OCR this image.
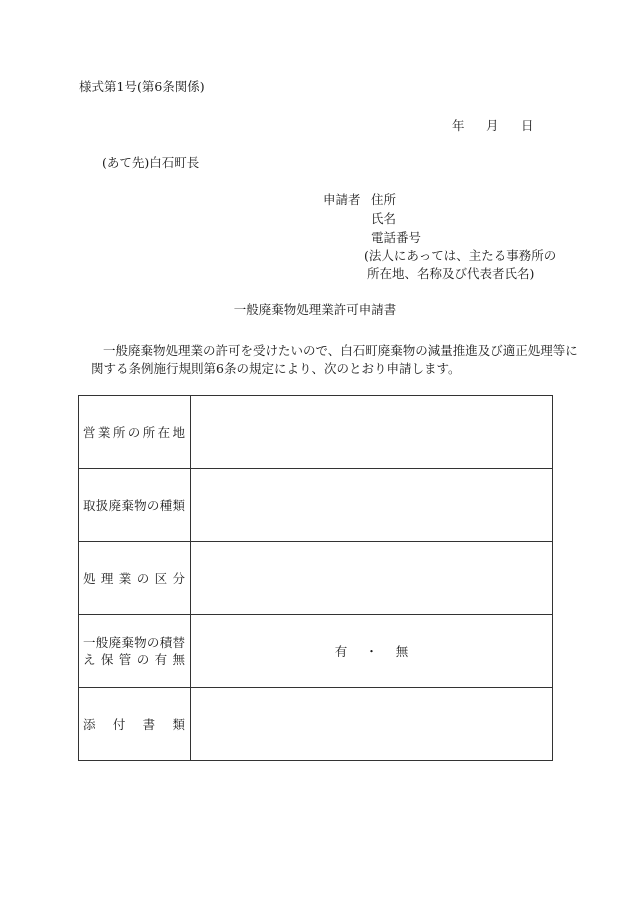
様式第1号(第6条関係)
年 月 日
(あて先)白石町長
申請者 住所
氏名
電話番号
(法人にあっては、主たる事務所の
所在地、名称及び代表者氏名)
一般廃棄物処理業許可申請書
一般廃棄物処理業の許可を受けたいので、白石町廃棄物の減量推進及び適正処理等に
関する条例施行規則第6条の規定により、次のとおり申請します。
営業所の所在地	

取扱廃棄物の種類	

処理業の区分	

一般廃棄物の積替
え保管の有無	有 ・ 無

添付書類	
